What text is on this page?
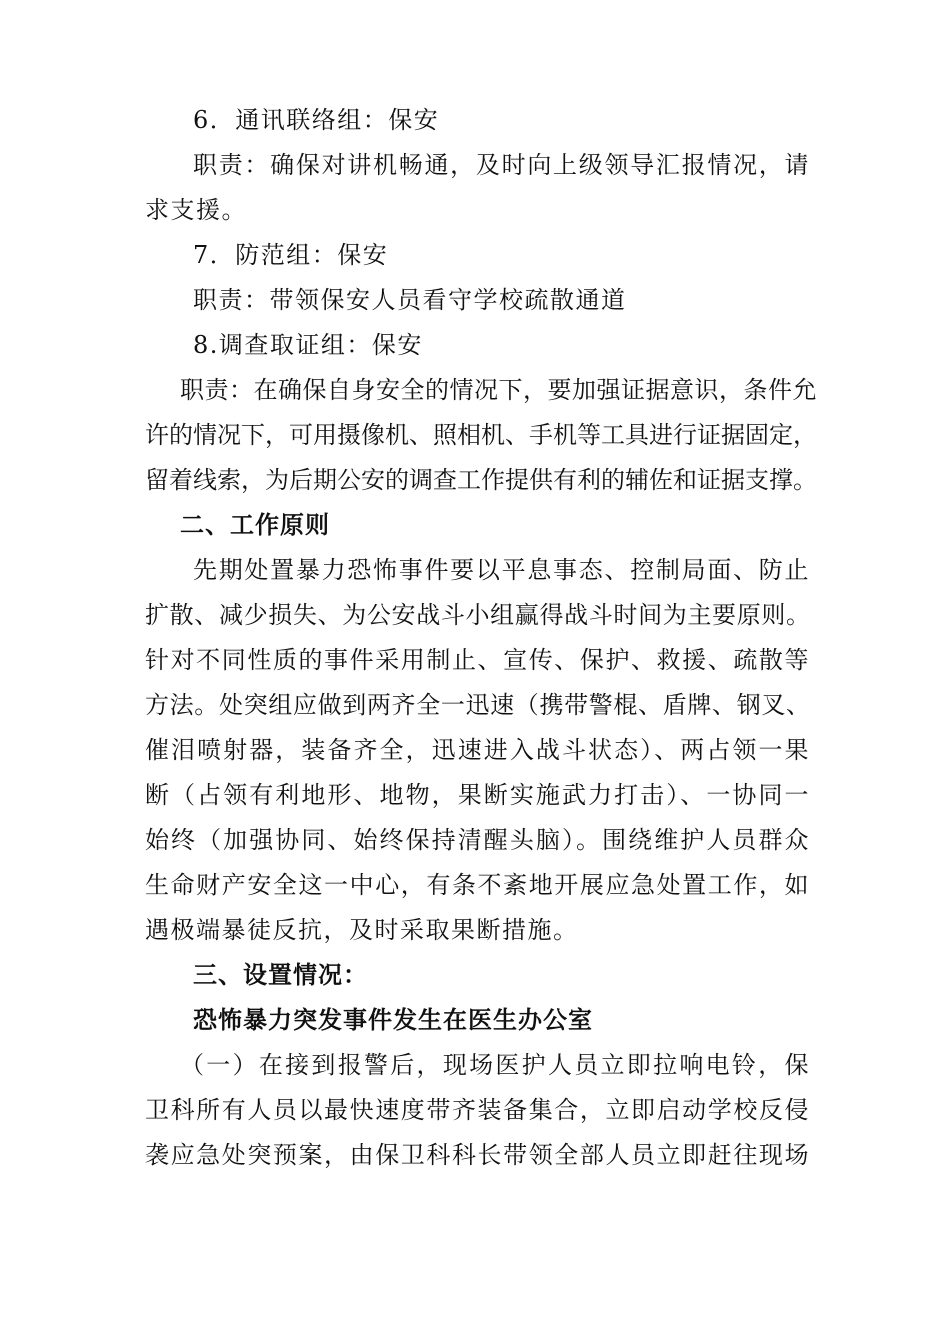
6．通讯联络组：保安
职责：确保对讲机畅通，及时向上级领导汇报情况，请
求支援。
7．防范组：保安
职责：带领保安人员看守学校疏散通道
8.调查取证组：保安
职责：在确保自身安全的情况下，要加强证据意识，条件允
许的情况下，可用摄像机、照相机、手机等工具进行证据固定，
留着线索，为后期公安的调查工作提供有利的辅佐和证据支撑。
二、工作原则
先期处置暴力恐怖事件要以平息事态、控制局面、防止
扩散、减少损失、为公安战斗小组赢得战斗时间为主要原则。
针对不同性质的事件采用制止、宣传、保护、救援、疏散等
方法。处突组应做到两齐全一迅速（携带警棍、盾牌、钢叉、
催泪喷射器，装备齐全，迅速进入战斗状态）、两占领一果
断（占领有利地形、地物，果断实施武力打击）、一协同一
始终（加强协同、始终保持清醒头脑）。围绕维护人员群众
生命财产安全这一中心，有条不紊地开展应急处置工作，如
遇极端暴徒反抗，及时采取果断措施。
三、设置情况：
恐怖暴力突发事件发生在医生办公室
（一）在接到报警后，现场医护人员立即拉响电铃，保
卫科所有人员以最快速度带齐装备集合，立即启动学校反侵
袭应急处突预案，由保卫科科长带领全部人员立即赶往现场
